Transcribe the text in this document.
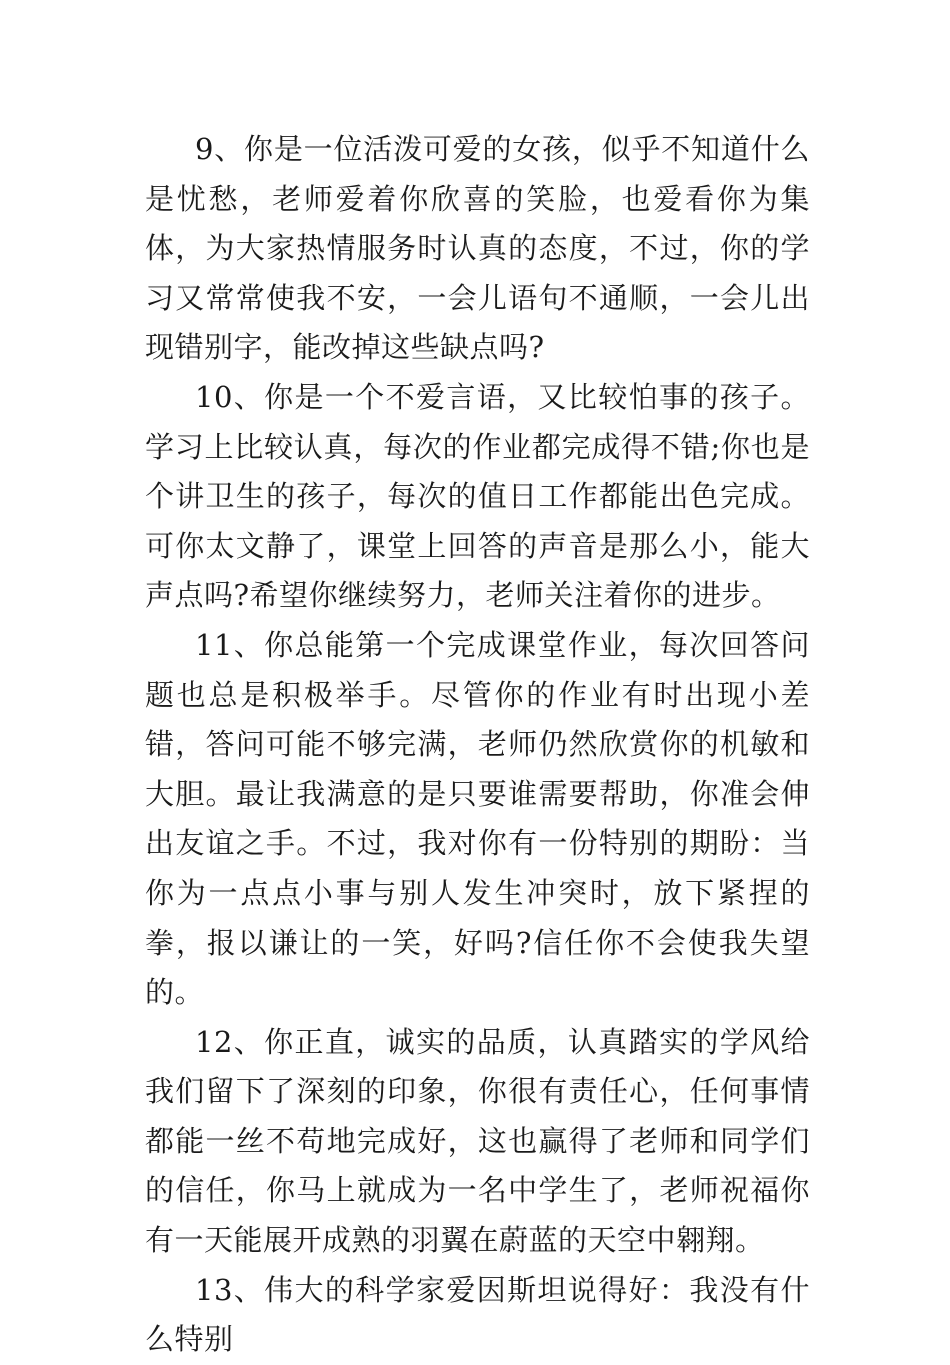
9、你是一位活泼可爱的女孩，似乎不知道什么是忧愁，老师爱着你欣喜的笑脸，也爱看你为集体，为大家热情服务时认真的态度，不过，你的学习又常常使我不安，一会儿语句不通顺，一会儿出现错别字，能改掉这些缺点吗?

10、你是一个不爱言语，又比较怕事的孩子。学习上比较认真，每次的作业都完成得不错;你也是个讲卫生的孩子，每次的值日工作都能出色完成。可你太文静了，课堂上回答的声音是那么小，能大声点吗?希望你继续努力，老师关注着你的进步。

11、你总能第一个完成课堂作业，每次回答问题也总是积极举手。尽管你的作业有时出现小差错，答问可能不够完满，老师仍然欣赏你的机敏和大胆。最让我满意的是只要谁需要帮助，你准会伸出友谊之手。不过，我对你有一份特别的期盼：当你为一点点小事与别人发生冲突时，放下紧捏的拳，报以谦让的一笑，好吗?信任你不会使我失望的。

12、你正直，诚实的品质，认真踏实的学风给我们留下了深刻的印象，你很有责任心，任何事情都能一丝不苟地完成好，这也赢得了老师和同学们的信任，你马上就成为一名中学生了，老师祝福你有一天能展开成熟的羽翼在蔚蓝的天空中翱翔。

13、伟大的科学家爱因斯坦说得好：我没有什么特别
